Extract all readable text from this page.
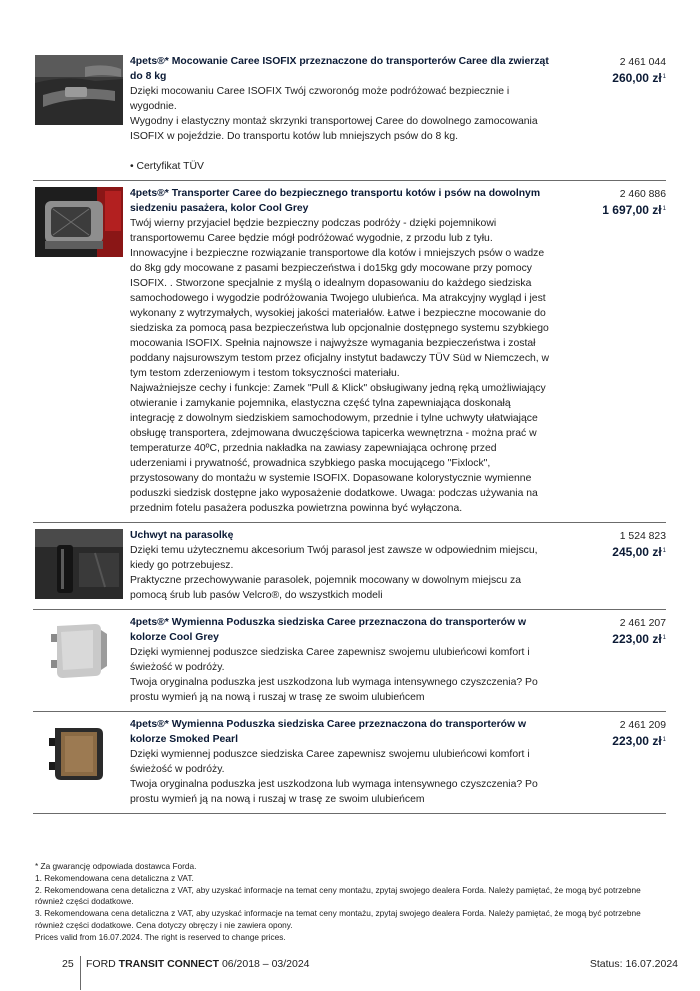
4pets®* Mocowanie Caree ISOFIX przeznaczone do transporterów Caree dla zwierząt do 8 kg

Dzięki mocowaniu Caree ISOFIX Twój czworonóg może podróżować bezpiecznie i wygodnie.

Wygodny i elastyczny montaż skrzynki transportowej Caree do dowolnego zamocowania ISOFIX w pojeździe. Do transportu kotów lub mniejszych psów do 8 kg.

• Certyfikat TÜV

2 461 044
260,00 $zł^1$
4pets®* Transporter Caree do bezpiecznego transportu kotów i psów na dowolnym siedzeniu pasażera, kolor Cool Grey

Twój wierny przyjaciel będzie bezpieczny podczas podróży - dzięki pojemnikowi transportowemu Caree będzie mógł podróżować wygodnie, z przodu lub z tyłu. Innowacyjne i bezpieczne rozwiązanie transportowe dla kotów i mniejszych psów o wadze do 8kg gdy mocowane z pasami bezpieczeństwa i do15kg gdy mocowane przy pomocy ISOFIX. . Stworzone specjalnie z myślą o idealnym dopasowaniu do każdego siedziska samochodowego i wygodzie podróżowania Twojego ulubieńca. Ma atrakcyjny wygląd i jest wykonany z wytrzymałych, wysokiej jakości materiałów. Łatwe i bezpieczne mocowanie do siedziska za pomocą pasa bezpieczeństwa lub opcjonalnie dostępnego systemu szybkiego mocowania ISOFIX. Spełnia najnowsze i najwyższe wymagania bezpieczeństwa i został poddany najsurowszym testom przez oficjalny instytut badawczy TÜV Süd w Niemczech, w tym testom zderzeniowym i testom toksyczności materiału.

Najważniejsze cechy i funkcje: Zamek "Pull & Klick" obsługiwany jedną ręką umożliwiający otwieranie i zamykanie pojemnika, elastyczna część tylna zapewniająca doskonałą integrację z dowolnym siedziskiem samochodowym, przednie i tylne uchwyty ułatwiające obsługę transportera, zdejmowana dwuczęściowa tapicerka wewnętrzna - można prać w temperaturze 40ºC, przednia nakładka na zawiasy zapewniająca ochronę przed uderzeniami i prywatność, prowadnica szybkiego paska mocującego "Fixlock", przystosowany do montażu w systemie ISOFIX. Dopasowane kolorystycznie wymienne poduszki siedzisk dostępne jako wyposażenie dodatkowe. Uwaga: podczas używania na przednim fotelu pasażera poduszka powietrzna powinna być wyłączona.

2 460 886
1 697,00 $zł^1$
Uchwyt na parasolkę

Dzięki temu użytecznemu akcesorium Twój parasol jest zawsze w odpowiednim miejscu, kiedy go potrzebujesz.

Praktyczne przechowywanie parasolek, pojemnik mocowany w dowolnym miejscu za pomocą śrub lub pasów Velcro®, do wszystkich modeli

1 524 823
245,00 $zł^1$
4pets®* Wymienna Poduszka siedziska Caree przeznaczona do transporterów w kolorze Cool Grey

Dzięki wymiennej poduszce siedziska Caree zapewnisz swojemu ulubieńcowi komfort i świeżość w podróży.

Twoja oryginalna poduszka jest uszkodzona lub wymaga intensywnego czyszczenia? Po prostu wymień ją na nową i ruszaj w trasę ze swoim ulubieńcem

2 461 207
223,00 $zł^1$
4pets®* Wymienna Poduszka siedziska Caree przeznaczona do transporterów w kolorze Smoked Pearl

Dzięki wymiennej poduszce siedziska Caree zapewnisz swojemu ulubieńcowi komfort i świeżość w podróży.

Twoja oryginalna poduszka jest uszkodzona lub wymaga intensywnego czyszczenia? Po prostu wymień ją na nową i ruszaj w trasę ze swoim ulubieńcem

2 461 209
223,00 $zł^1$

* Za gwarancję odpowiada dostawca Forda.

1. Rekomendowana cena detaliczna z VAT.

2. Rekomendowana cena detaliczna z VAT, aby uzyskać informacje na temat ceny montażu, zpytaj swojego dealera Forda. Należy pamiętać, że mogą być potrzebne również części dodatkowe.

3. Rekomendowana cena detaliczna z VAT, aby uzyskać informacje na temat ceny montażu, zpytaj swojego dealera Forda. Należy pamiętać, że mogą być potrzebne również części dodatkowe. Cena dotyczy obręczy i nie zawiera opony.

Prices valid from 16.07.2024. The right is reserved to change prices.

25 FORD TRANSIT CONNECT 06/2018 – 03/2024	Status: 16.07.2024
